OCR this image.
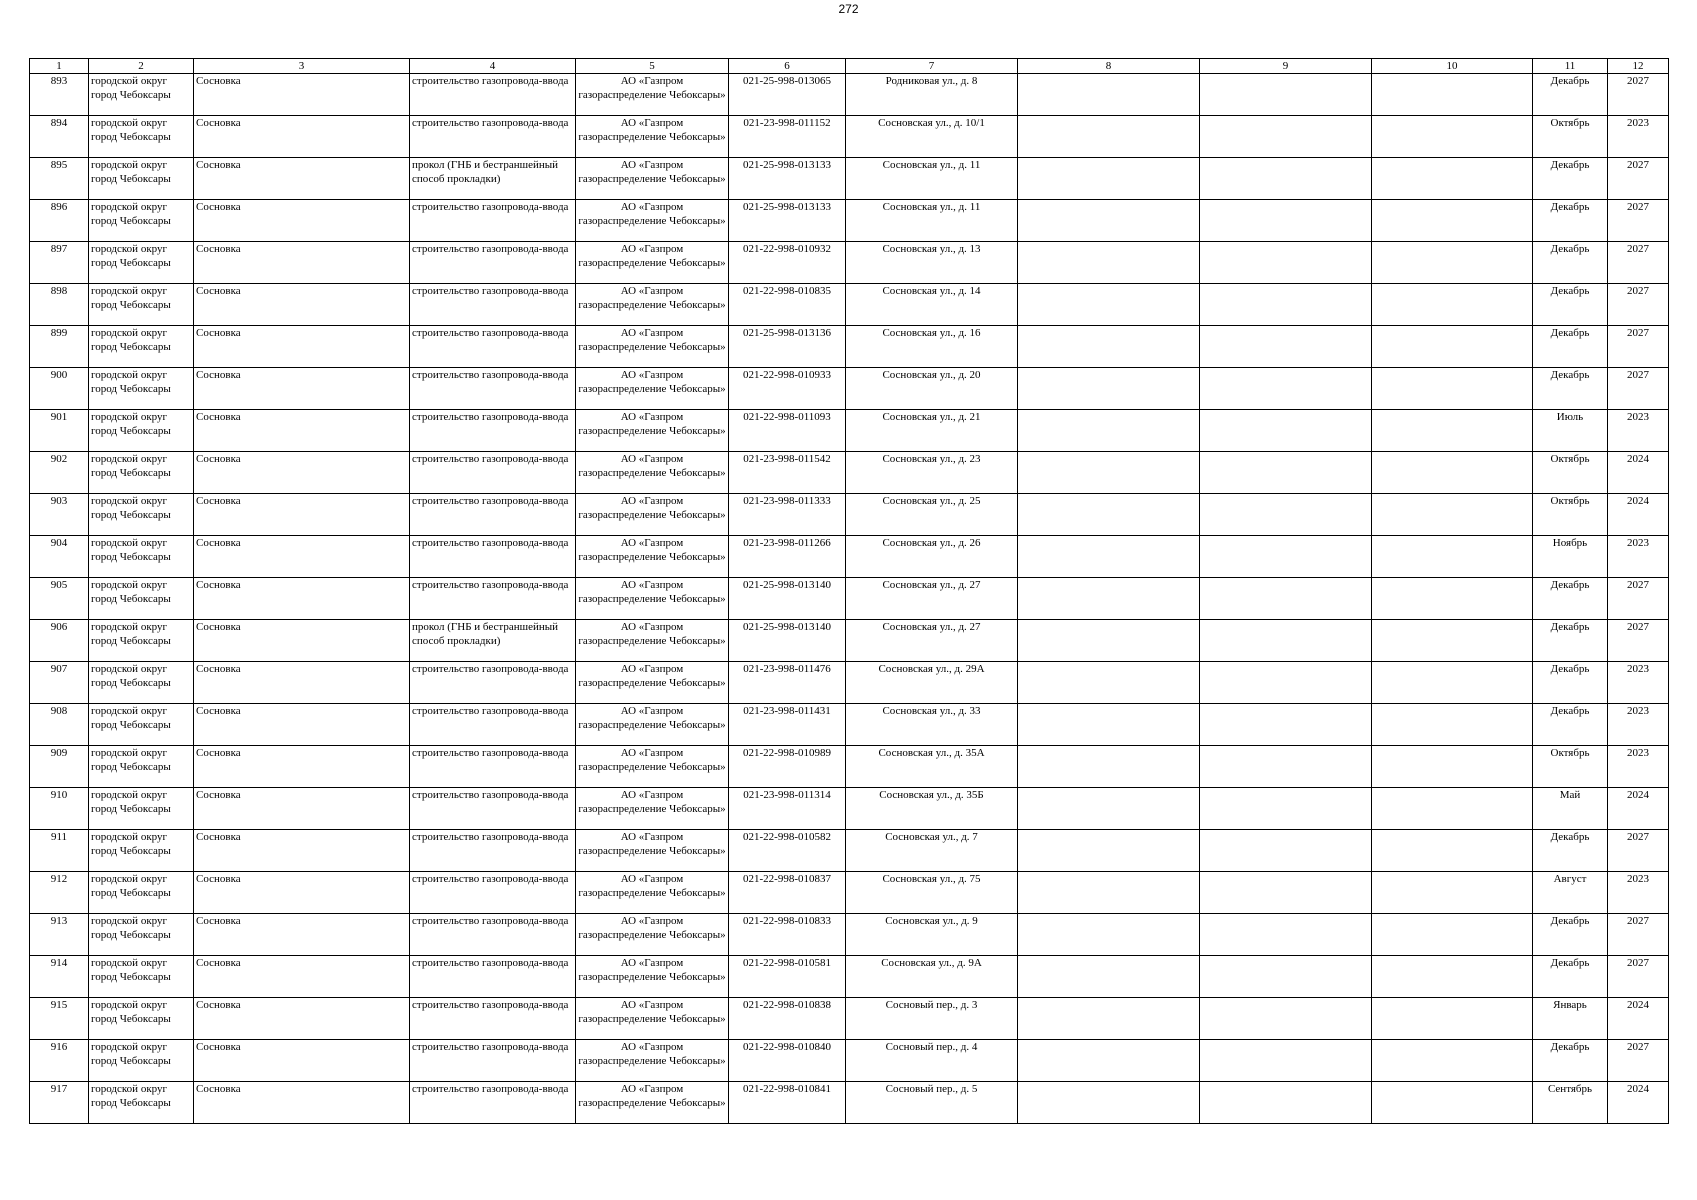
272
1	2	3	4	5	6	7	8	9	10	11	12
893	городской округ город Чебоксары	Сосновка	строительство газопровода-ввода	АО «Газпром газораспределение Чебоксары»	021-25-998-013065	Родниковая ул., д. 8				Декабрь	2027
894	городской округ город Чебоксары	Сосновка	строительство газопровода-ввода	АО «Газпром газораспределение Чебоксары»	021-23-998-011152	Сосновская ул., д. 10/1				Октябрь	2023
895	городской округ город Чебоксары	Сосновка	прокол (ГНБ и бестраншейный способ прокладки)	АО «Газпром газораспределение Чебоксары»	021-25-998-013133	Сосновская ул., д. 11				Декабрь	2027
896	городской округ город Чебоксары	Сосновка	строительство газопровода-ввода	АО «Газпром газораспределение Чебоксары»	021-25-998-013133	Сосновская ул., д. 11				Декабрь	2027
897	городской округ город Чебоксары	Сосновка	строительство газопровода-ввода	АО «Газпром газораспределение Чебоксары»	021-22-998-010932	Сосновская ул., д. 13				Декабрь	2027
898	городской округ город Чебоксары	Сосновка	строительство газопровода-ввода	АО «Газпром газораспределение Чебоксары»	021-22-998-010835	Сосновская ул., д. 14				Декабрь	2027
899	городской округ город Чебоксары	Сосновка	строительство газопровода-ввода	АО «Газпром газораспределение Чебоксары»	021-25-998-013136	Сосновская ул., д. 16				Декабрь	2027
900	городской округ город Чебоксары	Сосновка	строительство газопровода-ввода	АО «Газпром газораспределение Чебоксары»	021-22-998-010933	Сосновская ул., д. 20				Декабрь	2027
901	городской округ город Чебоксары	Сосновка	строительство газопровода-ввода	АО «Газпром газораспределение Чебоксары»	021-22-998-011093	Сосновская ул., д. 21				Июль	2023
902	городской округ город Чебоксары	Сосновка	строительство газопровода-ввода	АО «Газпром газораспределение Чебоксары»	021-23-998-011542	Сосновская ул., д. 23				Октябрь	2024
903	городской округ город Чебоксары	Сосновка	строительство газопровода-ввода	АО «Газпром газораспределение Чебоксары»	021-23-998-011333	Сосновская ул., д. 25				Октябрь	2024
904	городской округ город Чебоксары	Сосновка	строительство газопровода-ввода	АО «Газпром газораспределение Чебоксары»	021-23-998-011266	Сосновская ул., д. 26				Ноябрь	2023
905	городской округ город Чебоксары	Сосновка	строительство газопровода-ввода	АО «Газпром газораспределение Чебоксары»	021-25-998-013140	Сосновская ул., д. 27				Декабрь	2027
906	городской округ город Чебоксары	Сосновка	прокол (ГНБ и бестраншейный способ прокладки)	АО «Газпром газораспределение Чебоксары»	021-25-998-013140	Сосновская ул., д. 27				Декабрь	2027
907	городской округ город Чебоксары	Сосновка	строительство газопровода-ввода	АО «Газпром газораспределение Чебоксары»	021-23-998-011476	Сосновская ул., д. 29А				Декабрь	2023
908	городской округ город Чебоксары	Сосновка	строительство газопровода-ввода	АО «Газпром газораспределение Чебоксары»	021-23-998-011431	Сосновская ул., д. 33				Декабрь	2023
909	городской округ город Чебоксары	Сосновка	строительство газопровода-ввода	АО «Газпром газораспределение Чебоксары»	021-22-998-010989	Сосновская ул., д. 35А				Октябрь	2023
910	городской округ город Чебоксары	Сосновка	строительство газопровода-ввода	АО «Газпром газораспределение Чебоксары»	021-23-998-011314	Сосновская ул., д. 35Б				Май	2024
911	городской округ город Чебоксары	Сосновка	строительство газопровода-ввода	АО «Газпром газораспределение Чебоксары»	021-22-998-010582	Сосновская ул., д. 7				Декабрь	2027
912	городской округ город Чебоксары	Сосновка	строительство газопровода-ввода	АО «Газпром газораспределение Чебоксары»	021-22-998-010837	Сосновская ул., д. 75				Август	2023
913	городской округ город Чебоксары	Сосновка	строительство газопровода-ввода	АО «Газпром газораспределение Чебоксары»	021-22-998-010833	Сосновская ул., д. 9				Декабрь	2027
914	городской округ город Чебоксары	Сосновка	строительство газопровода-ввода	АО «Газпром газораспределение Чебоксары»	021-22-998-010581	Сосновская ул., д. 9А				Декабрь	2027
915	городской округ город Чебоксары	Сосновка	строительство газопровода-ввода	АО «Газпром газораспределение Чебоксары»	021-22-998-010838	Сосновый пер., д. 3				Январь	2024
916	городской округ город Чебоксары	Сосновка	строительство газопровода-ввода	АО «Газпром газораспределение Чебоксары»	021-22-998-010840	Сосновый пер., д. 4				Декабрь	2027
917	городской округ город Чебоксары	Сосновка	строительство газопровода-ввода	АО «Газпром газораспределение Чебоксары»	021-22-998-010841	Сосновый пер., д. 5				Сентябрь	2024
